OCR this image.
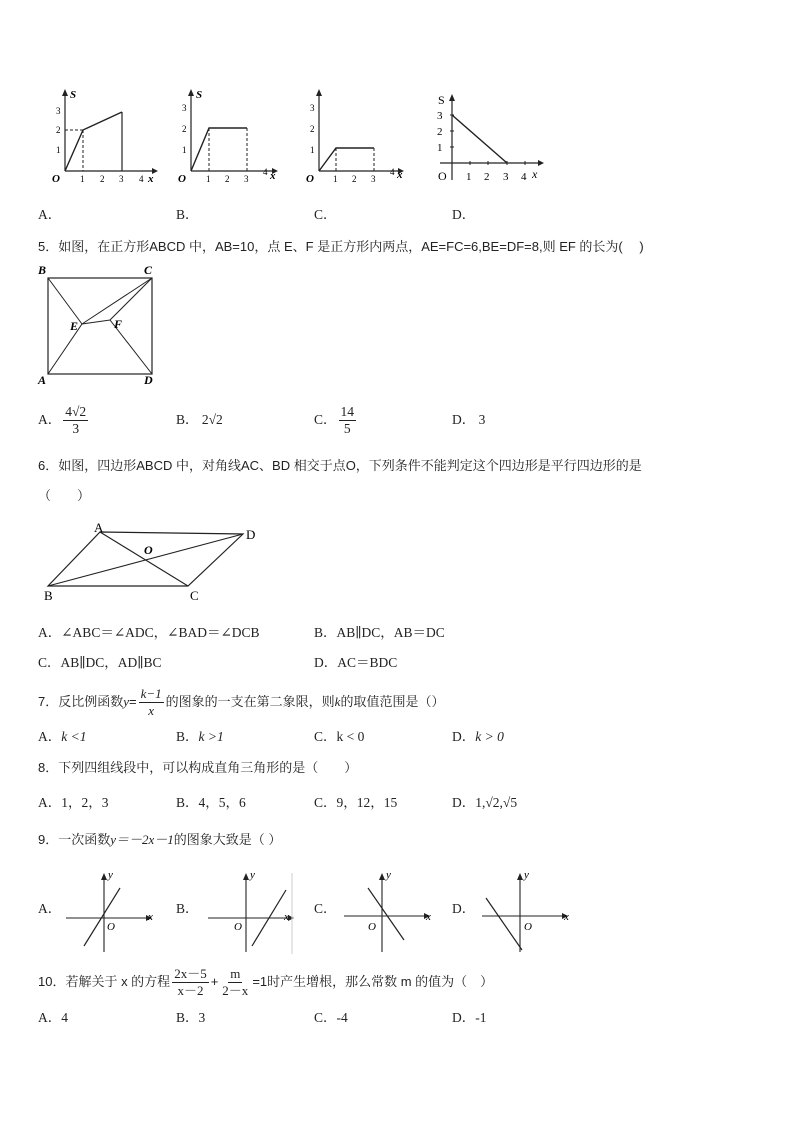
S
x
O 1 2 3 4
1
2
3
A．
S
x
O 1 2 3
4
1
2
3
B．
x
O 1 2 3
4
1
2
3
C．
S
x
O 1 2 3 4
1
2
3
D．
5．如图，在正方形ABCD 中，AB=10，点 E、F 是正方形内两点，AE=FC=6,BE=DF=8,则 EF 的长为(　 )
B	C
A	D
E	F
A． $\frac{4√2}{3}$	B． 2√2	C． $\frac{14}{5}$	D． 3
6．如图，四边形ABCD 中，对角线AC、BD 相交于点O，下列条件不能判定这个四边形是平行四边形的是
（　　）
A	D
B	C
O
A．∠ABC＝∠ADC，∠BAD＝∠DCB	B．AB∥DC，AB＝DC
C．AB∥DC，AD∥BC	D．AC＝BDC
7．反比例函数 $y = \frac{k-1}{x}$ 的图象的一支在第二象限，则 k 的取值范围是（）
A．k <1	B．k >1	C．k < 0	D．k > 0
8．下列四组线段中，可以构成直角三角形的是（　　）
A．1，2，3	B．4，5，6	C．9，12，15	D．1,√2,√5
9．一次函数y＝－2x－1的图象大致是（ ）
A．
y
x
O
B．
y
x
O
C．
y
x
O
D．
y
x
O
10．若解关于 x 的方程 $\frac{2x-5}{x-2} + \frac{m}{2-x} =1$时产生增根，那么常数 m 的值为（　）
A．4	B．3	C．-4	D．-1
